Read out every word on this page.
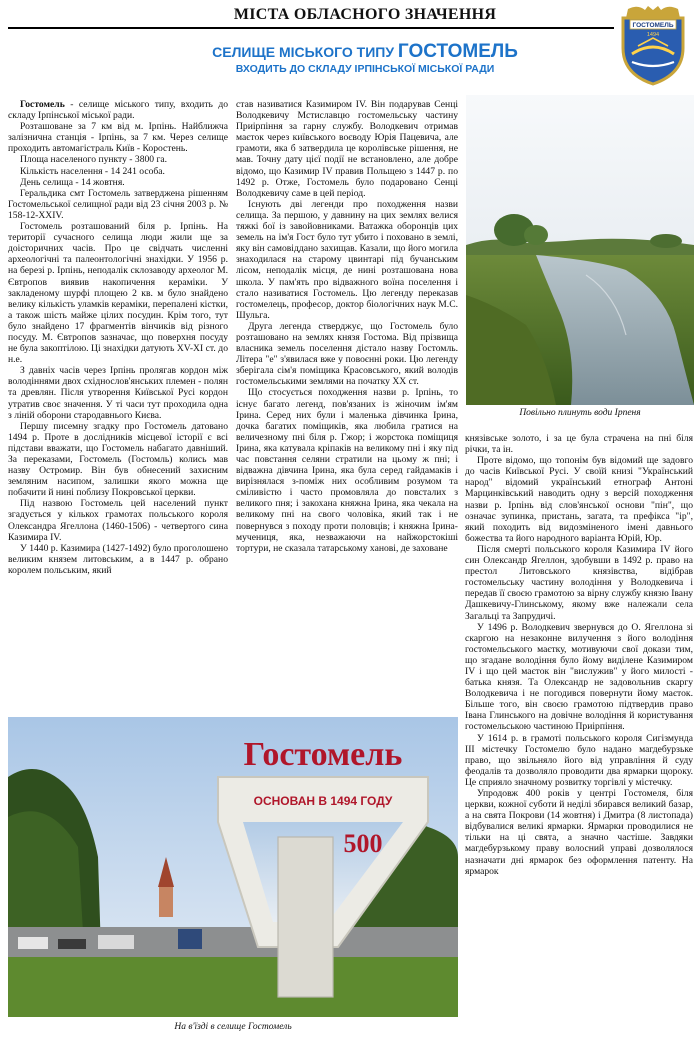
МІСТА ОБЛАСНОГО ЗНАЧЕННЯ
ГОСТОМЕЛЬ
1494
СЕЛИЩЕ МІСЬКОГО ТИПУ ГОСТОМЕЛЬ
ВХОДИТЬ ДО СКЛАДУ ІРПІНСЬКОЇ МІСЬКОЇ РАДИ
Повільно плинуть води Ірпеня

Гостомель - селище міського типу, входить до складу Ірпінської міської ради.

Розташоване за 7 км від м. Ірпінь. Найближча залізнична станція - Ірпінь, за 7 км. Через селище проходить автомагістраль Київ - Коростень.

Площа населеного пункту - 3800 га.

Кількість населення - 14 241 особа.

День селища - 14 жовтня.

Геральдика смт Гостомель затверджена рішенням Гостомельської селищної ради від 23 січня 2003 р. № 158-12-ХХІV.

Гостомель розташований біля р. Ірпінь. На території сучасного селища люди жили ще за доісторичних часів. Про це свідчать численні археологічні та палеонтологічні знахідки. У 1956 р. на березі р. Ірпінь, неподалік склозаводу археолог М. Євтропов виявив накопичення кераміки. У закладеному шурфі площею 2 кв. м було знайдено велику кількість уламків кераміки, перепалені кістки, а також шість майже цілих посудин. Крім того, тут було знайдено 17 фрагментів вінчиків від різного посуду. М. Євтропов зазначає, що поверхня посуду не була закоптілою. Ці знахідки датують ХV-ХІ ст. до н.е.

З давніх часів через Ірпінь пролягав кордон між володіннями двох східнослов'янських племен - полян та древлян. Після утворення Київської Русі кордон утратив своє значення. У ті часи тут проходила одна з ліній оборони стародавнього Києва.

Першу писемну згадку про Гостомель датовано 1494 р. Проте в дослідників місцевої історії є всі підстави вважати, що Гостомель набагато давніший. За переказами, Гостомель (Гостомль) колись мав назву Остромир. Він був обнесений захисним земляним насипом, залишки якого можна ще побачити й нині поблизу Покровської церкви.

Під назвою Гостомель цей населений пункт згадується у кількох грамотах польського короля Олександра Ягеллона (1460-1506) - четвертого сина Казимира IV.

У 1440 р. Казимира (1427-1492) було проголошено великим князем литовським, а в 1447 р. обрано королем польським, який

став називатися Казимиром IV. Він подарував Сенці Володкевичу Мстиславцю гостомельську частину Приірпіння за гарну службу. Володкевич отримав маєток через київського воєводу Юрія Пацевича, але грамоти, яка б затвердила це королівське рішення, не мав. Точну дату цієї події не встановлено, але добре відомо, що Казимир IV правив Польщею з 1447 р. по 1492 р. Отже, Гостомель було подаровано Сенці Володкевичу саме в цей період.

Існують дві легенди про походження назви селища. За першою, у давнину на цих землях велися тяжкі бої із завойовниками. Ватажка оборонців цих земель на ім'я Гост було тут убито і поховано в землі, яку він самовіддано захищав. Казали, що його могила знаходилася на старому цвинтарі під бучанським лісом, неподалік місця, де нині розташована нова школа. У пам'ять про відважного воїна поселення і стало називатися Гостомель. Цю легенду переказав гостомелець, професор, доктор біологічних наук М.С. Шульга.

Друга легенда стверджує, що Гостомель було розташовано на землях князя Гостома. Від прізвища власника земель поселення дістало назву Гостомль. Літера "е" з'явилася вже у повоєнні роки. Цю легенду зберігала сім'я поміщика Красовського, який володів гостомельськими землями на початку ХХ ст.

Що стосується походження назви р. Ірпінь, то існує багато легенд, пов'язаних із жіночим ім'ям Ірина. Серед них були і маленька дівчинка Ірина, дочка багатих поміщиків, яка любила гратися на величезному пні біля р. Гжор; і жорстока поміщиця Ірина, яка катувала кріпаків на великому пні і яку під час повстання селяни стратили на цьому ж пні; і відважна дівчина Ірина, яка була серед гайдамаків і вирізнялася з-поміж них особливим розумом та сміливістю і часто промовляла до повсталих з великого пня; і закохана княжна Ірина, яка чекала на великому пні на свого чоловіка, який так і не повернувся з походу проти половців; і княжна Ірина-мучениця, яка, незважаючи на найжорстокіші тортури, не сказала татарському ханові, де заховане

князівське золото, і за це була страчена на пні біля річки, та ін.

Проте відомо, що топонім був відомий ще задовго до часів Київської Русі. У своїй книзі "Український народ" відомий український етнограф Антоні Марцинківський наводить одну з версій походження назви р. Ірпінь від слов'янської основи "пін", що означає зупинка, пристань, загата, та префікса "ір", який походить від видозміненого імені давнього божества та його народного варіанта Юрій, Юр.

Після смерті польського короля Казимира IV його син Олександр Ягеллон, здобувши в 1492 р. право на престол Литовського князівства, відібрав гостомельську частину володіння у Володкевича і передав її своєю грамотою за вірну службу князю Івану Дашкевичу-Глинському, якому вже належали села Загальці та Запрудичі.

У 1496 р. Володкевич звернувся до О. Ягеллона зі скаргою на незаконне вилучення з його володіння гостомельського маєтку, мотивуючи свої докази тим, що згадане володіння було йому виділене Казимиром IV і що цей маєток він "вислужив" у його милості - батька князя. Та Олександр не задовольнив скаргу Володкевича і не погодився повернути йому маєток. Більше того, він своєю грамотою підтвердив право Івана Глинського на довічне володіння й користування гостомельською частиною Приірпіння.

У 1614 р. в грамоті польського короля Сигізмунда III містечку Гостомелю було надано магдебурзьке право, що звільняло його від управління й суду феодалів та дозволяло проводити два ярмарки щороку. Це сприяло значному розвитку торгівлі у містечку.

Упродовж 400 років у центрі Гостомеля, біля церкви, кожної суботи й неділі збирався великий базар, а на свята Покрови (14 жовтня) і Дмитра (8 листопада) відбувалися великі ярмарки. Ярмарки проводилися не тільки на ці свята, а значно частіше. Завдяки магдебурзькому праву волосний управі дозволялося назначати дні ярмарок без оформлення патенту. На ярмарок

Гостомель
ОСНОВАН В 1494 ГОДУ
500
На в'їзді в селище Гостомель
